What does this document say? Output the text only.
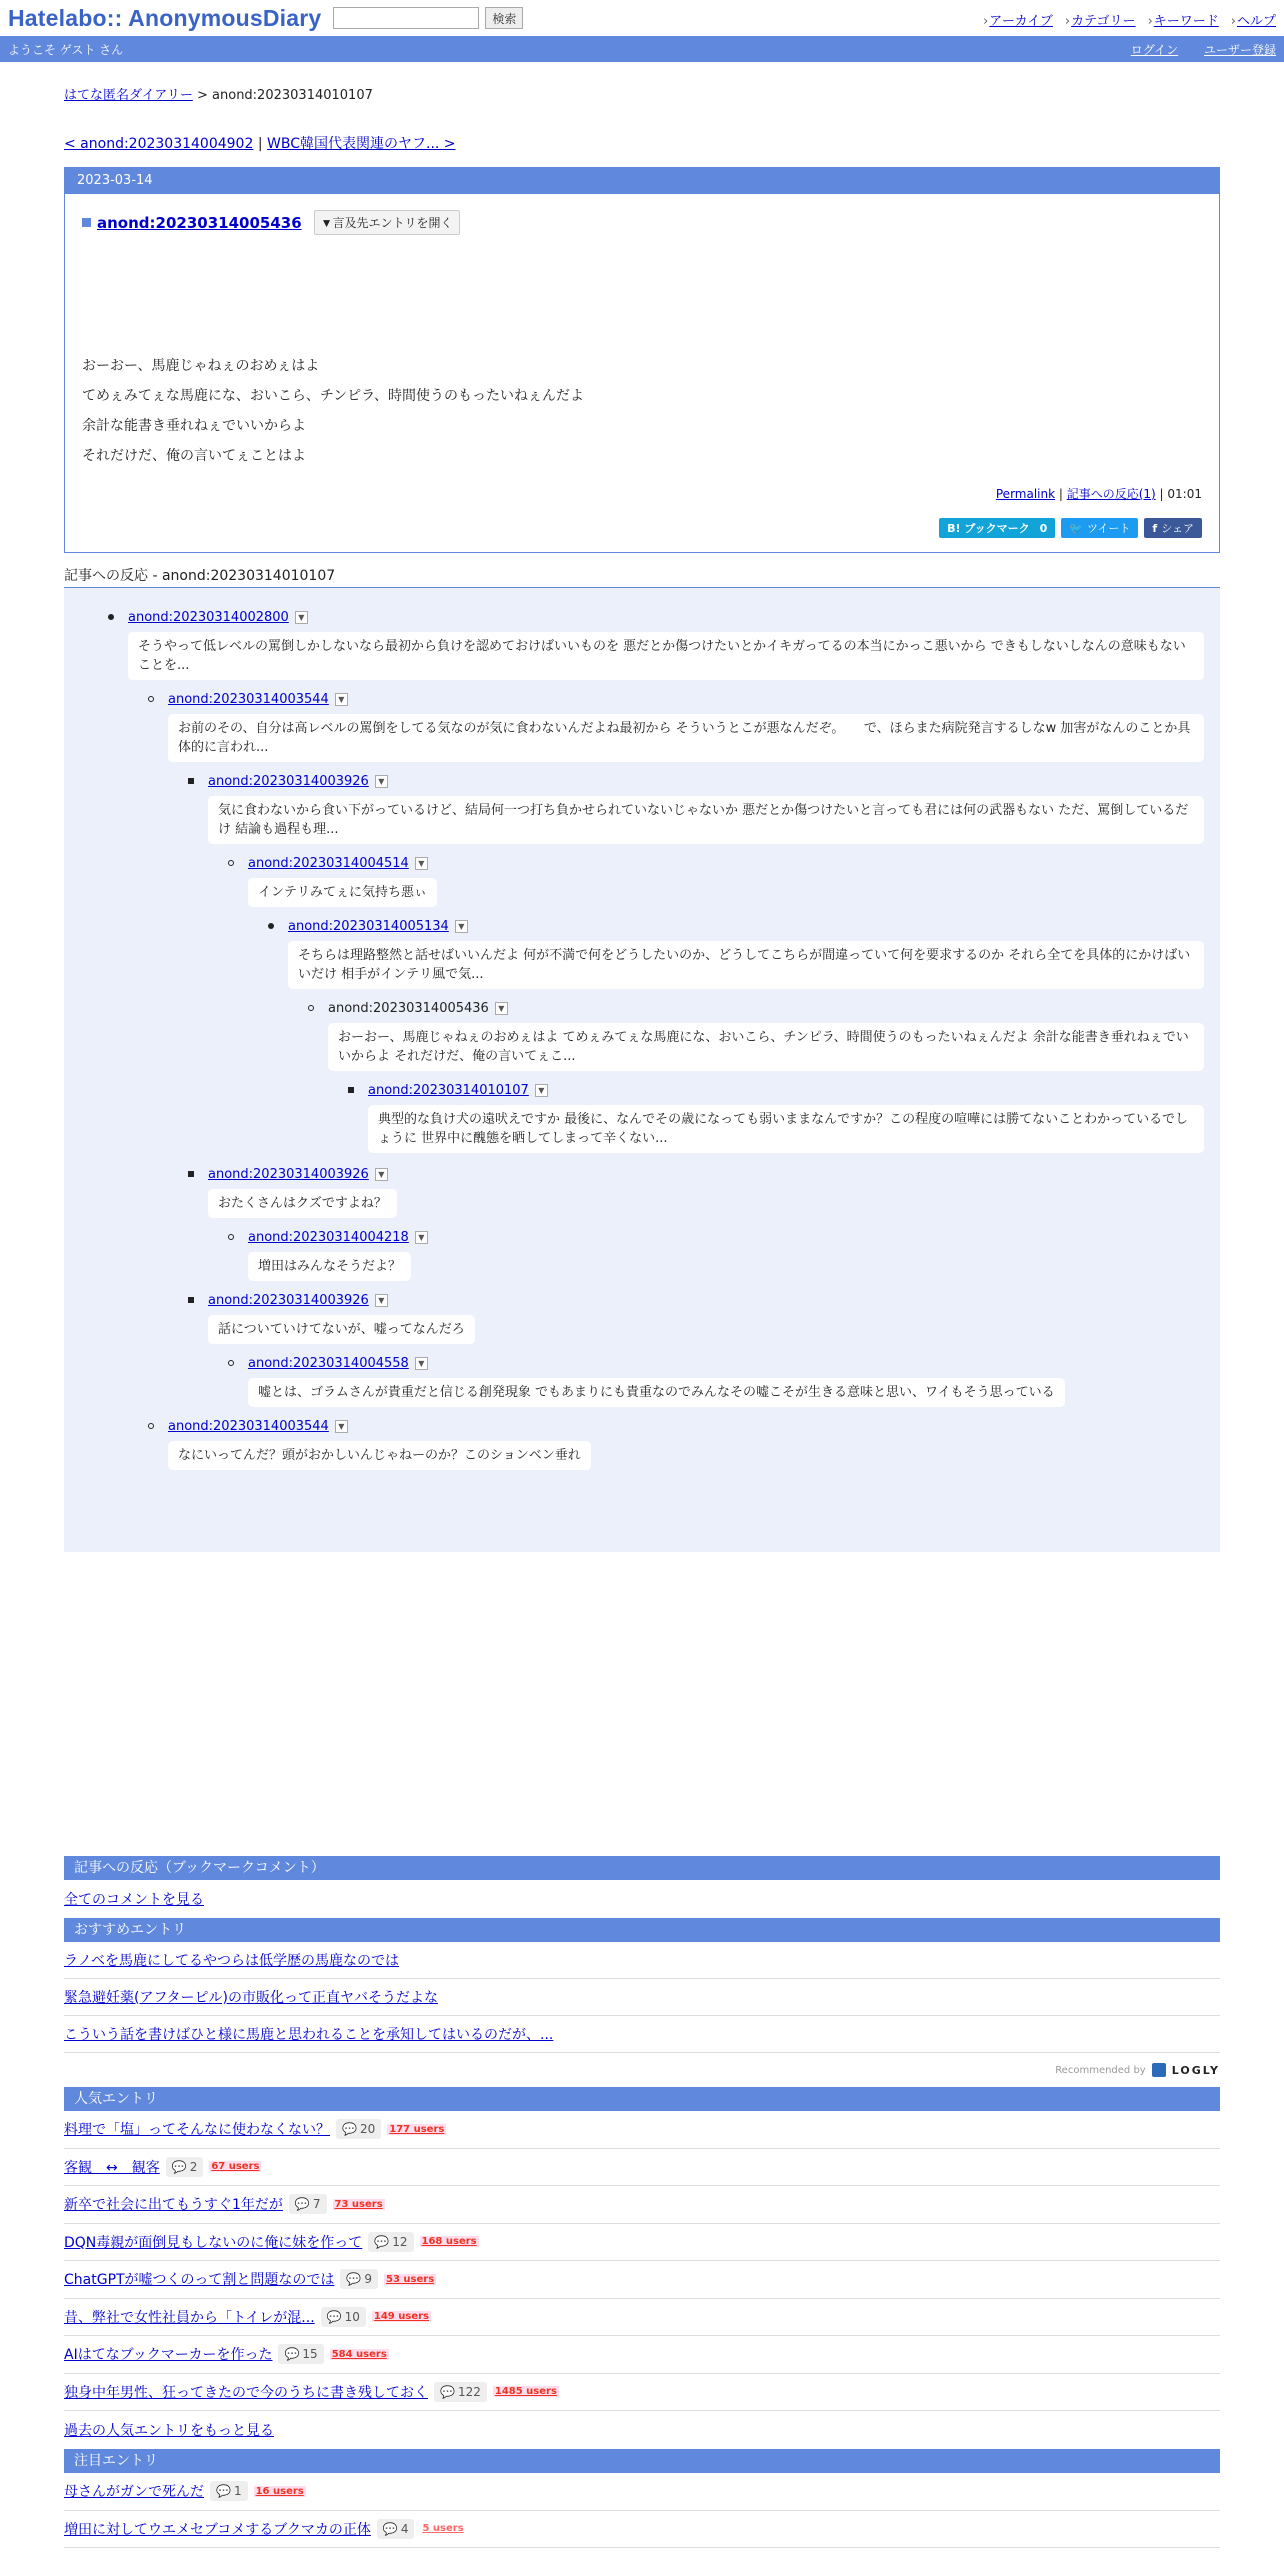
Hatelabo:: AnonymousDiary	検索	› アーカイブ	› カテゴリー	› キーワード	› ヘルプ
ようこそ ゲスト さん	ログイン ユーザー登録
はてな匿名ダイアリー > anond:20230314010107
< anond:20230314004902 | WBC韓国代表関連のヤフ... >
2023-03-14
anond:20230314005436	▼言及先エントリを開く

おーおー、馬鹿じゃねぇのおめぇはよ

てめぇみてぇな馬鹿にな、おいこら、チンピラ、時間使うのもったいねぇんだよ

余計な能書き垂れねぇでいいからよ

それだけだ、俺の言いてぇことはよ

Permalink | 記事への反応(1) | 01:01
B! ブックマーク 0 🐦 ツイート f シェア
記事への反応 - anond:20230314010107
anond:20230314002800	▼
そうやって低レベルの罵倒しかしないなら最初から負けを認めておけばいいものを 悪だとか傷つけたいとかイキガってるの本当にかっこ悪いから できもしないしなんの意味もないことを...
anond:20230314003544	▼
お前のその、自分は高レベルの罵倒をしてる気なのが気に食わないんだよね最初から そういうとこが悪なんだぞ。　　で、ほらまた病院発言するしなw 加害がなんのことか具体的に言われ...
anond:20230314003926	▼
気に食わないから食い下がっているけど、結局何一つ打ち負かせられていないじゃないか 悪だとか傷つけたいと言っても君には何の武器もない ただ、罵倒しているだけ 結論も過程も理...
anond:20230314004514	▼
インテリみてぇに気持ち悪ぃ
anond:20230314005134	▼
そちらは理路整然と話せばいいんだよ 何が不満で何をどうしたいのか、どうしてこちらが間違っていて何を要求するのか それら全てを具体的にかけばいいだけ 相手がインテリ風で気...
anond:20230314005436	▼
おーおー、馬鹿じゃねぇのおめぇはよ てめぇみてぇな馬鹿にな、おいこら、チンピラ、時間使うのもったいねぇんだよ 余計な能書き垂れねぇでいいからよ それだけだ、俺の言いてぇこ...
anond:20230314010107	▼
典型的な負け犬の遠吠えですか 最後に、なんでその歳になっても弱いままなんですか？この程度の喧嘩には勝てないことわかっているでしょうに 世界中に醜態を晒してしまって辛くない...
anond:20230314003926	▼
おたくさんはクズですよね？
anond:20230314004218	▼
増田はみんなそうだよ？
anond:20230314003926	▼
話についていけてないが、嘘ってなんだろ
anond:20230314004558	▼
嘘とは、ゴラムさんが貴重だと信じる創発現象 でもあまりにも貴重なのでみんなその嘘こそが生きる意味と思い、ワイもそう思っている
anond:20230314003544	▼
なにいってんだ？頭がおかしいんじゃねーのか？このションベン垂れ
記事への反応（ブックマークコメント）
全てのコメントを見る
おすすめエントリ
ラノベを馬鹿にしてるやつらは低学歴の馬鹿なのでは
緊急避妊薬(アフターピル)の市販化って正直ヤバそうだよな
こういう話を書けばひと様に馬鹿と思われることを承知してはいるのだが、...
Recommended by LOGLY
人気エントリ
料理で「塩」ってそんなに使わなくない？ 💬 20 177 users
客観　↔　観客 💬 2 67 users
新卒で社会に出てもうすぐ1年だが 💬 7 73 users
DQN毒親が面倒見もしないのに俺に妹を作って 💬 12 168 users
ChatGPTが嘘つくのって割と問題なのでは 💬 9 53 users
昔、弊社で女性社員から「トイレが混... 💬 10 149 users
AIはてなブックマーカーを作った 💬 15 584 users
独身中年男性、狂ってきたので今のうちに書き残しておく 💬 122 1485 users
過去の人気エントリをもっと見る
注目エントリ
母さんがガンで死んだ 💬 1 16 users
増田に対してウエメセブコメするブクマカの正体 💬 4 5 users
